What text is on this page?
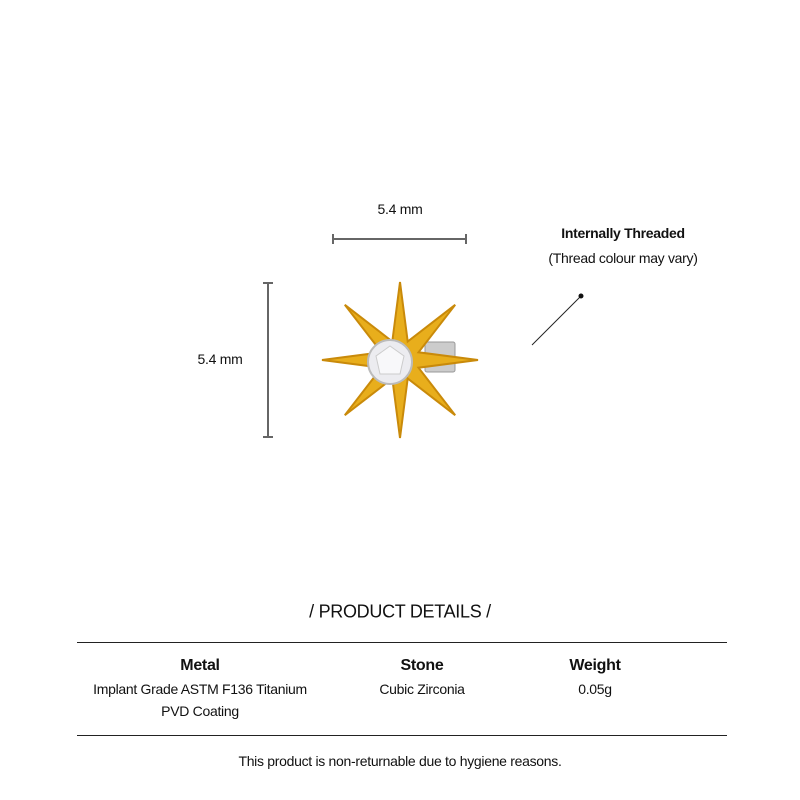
5.4 mm
5.4 mm
Internally Threaded
(Thread colour may vary)
/ PRODUCT DETAILS /
Metal
Implant Grade ASTM F136 Titanium
PVD Coating
Stone
Cubic Zirconia
Weight
0.05g
This product is non-returnable due to hygiene reasons.
